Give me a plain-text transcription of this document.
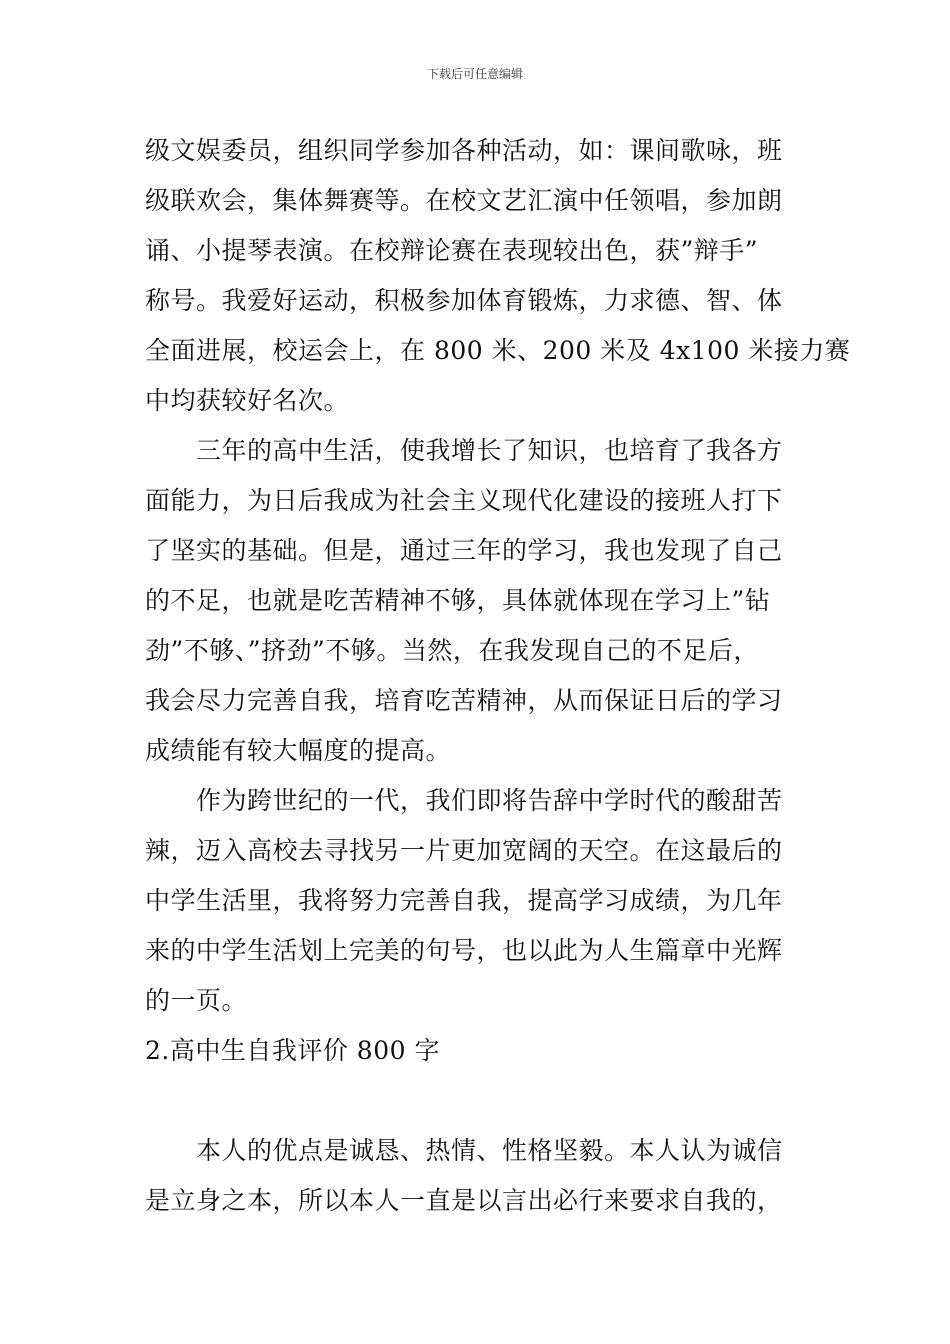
下载后可任意编辑

级文娱委员，组织同学参加各种活动，如：课间歌咏，班
级联欢会，集体舞赛等。在校文艺汇演中任领唱，参加朗
诵、小提琴表演。在校辩论赛在表现较出色，获”辩手”
称号。我爱好运动，积极参加体育锻炼，力求德、智、体
全面进展，校运会上，在 800 米、200 米及 4x100 米接力赛
中均获较好名次。

　　三年的高中生活，使我增长了知识，也培育了我各方
面能力，为日后我成为社会主义现代化建设的接班人打下
了坚实的基础。但是，通过三年的学习，我也发现了自己
的不足，也就是吃苦精神不够，具体就体现在学习上”钻
劲”不够、”挤劲”不够。当然，在我发现自己的不足后，
我会尽力完善自我，培育吃苦精神，从而保证日后的学习
成绩能有较大幅度的提高。

　　作为跨世纪的一代，我们即将告辞中学时代的酸甜苦
辣，迈入高校去寻找另一片更加宽阔的天空。在这最后的
中学生活里，我将努力完善自我，提高学习成绩，为几年
来的中学生活划上完美的句号，也以此为人生篇章中光辉
的一页。

2.高中生自我评价 800 字

　　本人的优点是诚恳、热情、性格坚毅。本人认为诚信
是立身之本，所以本人一直是以言出必行来要求自我的，
